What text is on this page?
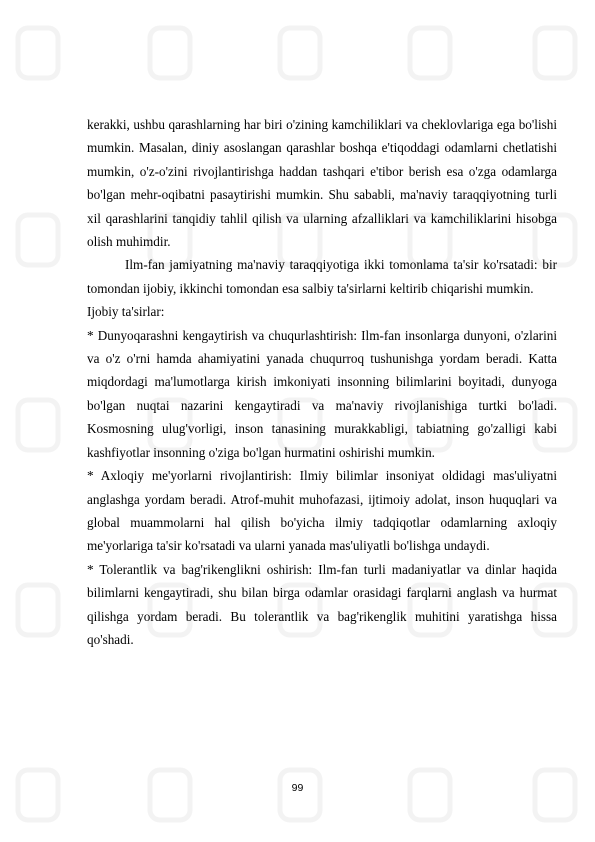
kerakki, ushbu qarashlarning har biri o'zining kamchiliklari va cheklovlariga ega bo'lishi mumkin. Masalan, diniy asoslangan qarashlar boshqa e'tiqoddagi odamlarni chetlatishi mumkin, o'z-o'zini rivojlantirishga haddan tashqari e'tibor berish esa o'zga odamlarga bo'lgan mehr-oqibatni pasaytirishi mumkin. Shu sababli, ma'naviy taraqqiyotning turli xil qarashlarini tanqidiy tahlil qilish va ularning afzalliklari va kamchiliklarini hisobga olish muhimdir.

Ilm-fan jamiyatning ma'naviy taraqqiyotiga ikki tomonlama ta'sir ko'rsatadi: bir tomondan ijobiy, ikkinchi tomondan esa salbiy ta'sirlarni keltirib chiqarishi mumkin.

Ijobiy ta'sirlar:

* Dunyoqarashni kengaytirish va chuqurlashtirish: Ilm-fan insonlarga dunyoni, o'zlarini va o'z o'rni hamda ahamiyatini yanada chuqurroq tushunishga yordam beradi. Katta miqdordagi ma'lumotlarga kirish imkoniyati insonning bilimlarini boyitadi, dunyoga bo'lgan nuqtai nazarini kengaytiradi va ma'naviy rivojlanishiga turtki bo'ladi. Kosmosning ulug'vorligi, inson tanasining murakkabligi, tabiatning go'zalligi kabi kashfiyotlar insonning o'ziga bo'lgan hurmatini oshirishi mumkin.

* Axloqiy me'yorlarni rivojlantirish: Ilmiy bilimlar insoniyat oldidagi mas'uliyatni anglashga yordam beradi. Atrof-muhit muhofazasi, ijtimoiy adolat, inson huquqlari va global muammolarni hal qilish bo'yicha ilmiy tadqiqotlar odamlarning axloqiy me'yorlariga ta'sir ko'rsatadi va ularni yanada mas'uliyatli bo'lishga undaydi.

* Tolerantlik va bag'rikenglikni oshirish: Ilm-fan turli madaniyatlar va dinlar haqida bilimlarni kengaytiradi, shu bilan birga odamlar orasidagi farqlarni anglash va hurmat qilishga yordam beradi. Bu tolerantlik va bag'rikenglik muhitini yaratishga hissa qo'shadi.

99
